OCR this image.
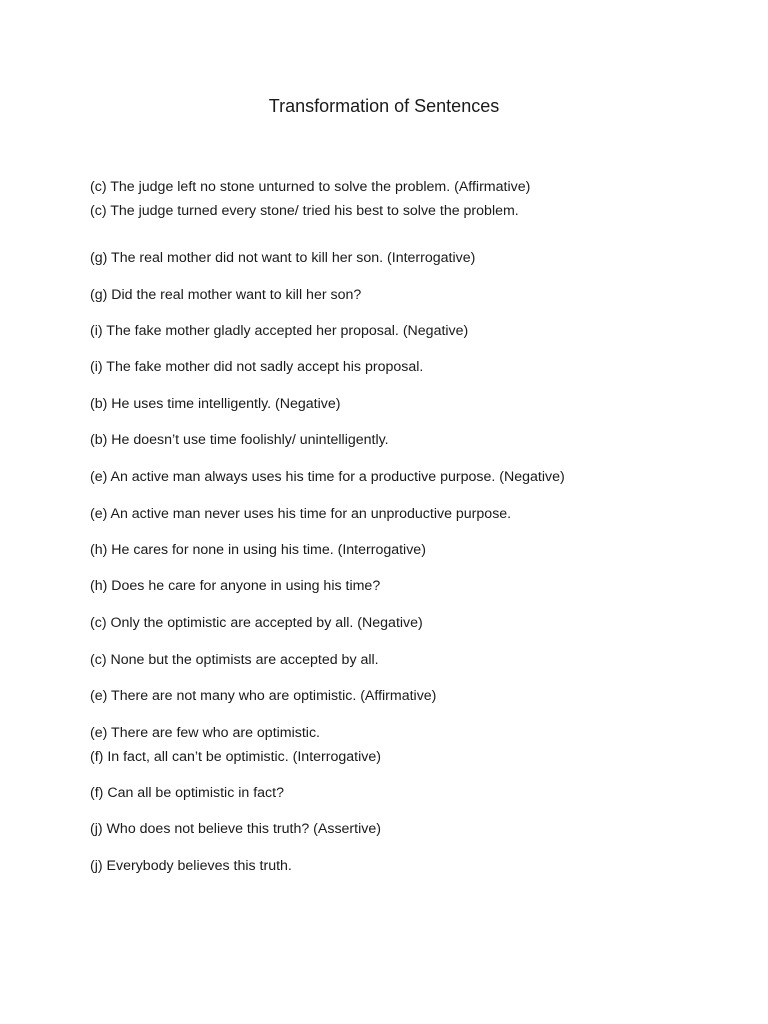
Transformation of Sentences
(c) The judge left no stone unturned to solve the problem. (Affirmative)
(c) The judge turned every stone/ tried his best to solve the problem.
(g) The real mother did not want to kill her son. (Interrogative)
(g) Did the real mother want to kill her son?
(i) The fake mother gladly accepted her proposal. (Negative)
(i) The fake mother did not sadly accept his proposal.
(b) He uses time intelligently. (Negative)
(b) He doesn’t use time foolishly/ unintelligently.
(e) An active man always uses his time for a productive purpose. (Negative)
(e) An active man never uses his time for an unproductive purpose.
(h) He cares for none in using his time. (Interrogative)
(h) Does he care for anyone in using his time?
(c) Only the optimistic are accepted by all. (Negative)
(c) None but the optimists are accepted by all.
(e) There are not many who are optimistic. (Affirmative)
(e) There are few who are optimistic.
(f) In fact, all can’t be optimistic. (Interrogative)
(f) Can all be optimistic in fact?
(j) Who does not believe this truth? (Assertive)
(j) Everybody believes this truth.
